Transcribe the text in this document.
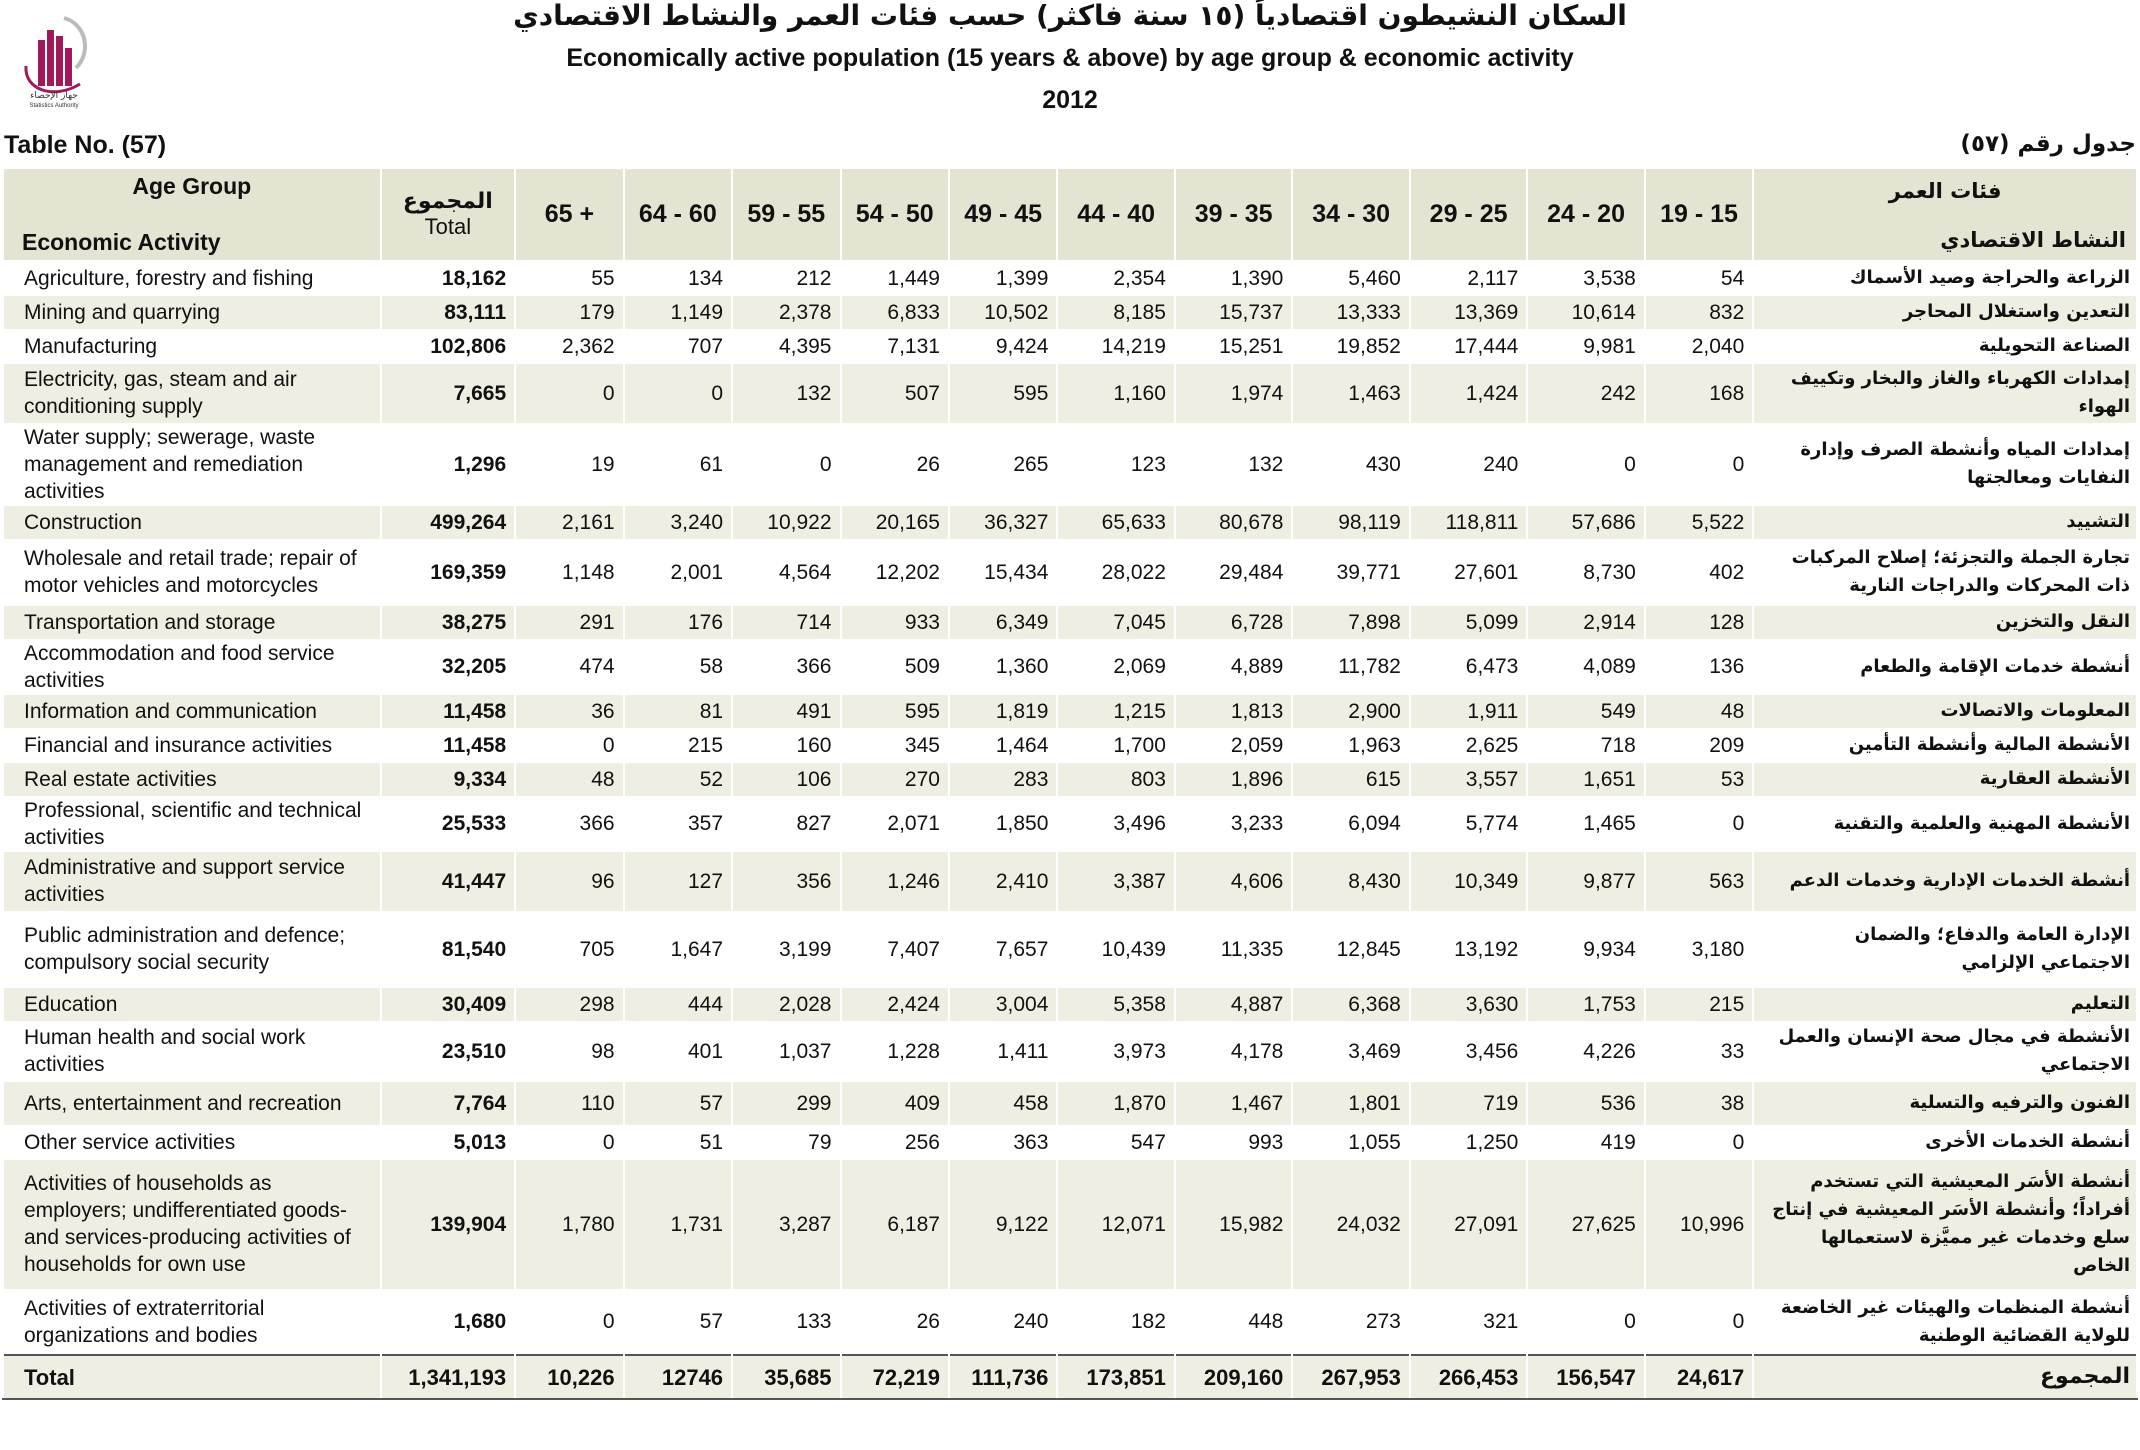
جهاز الإحصاء
Statistics Authority
السكان النشيطون اقتصادياً (١٥ سنة فاكثر) حسب فئات العمر والنشاط الاقتصادي
Economically active population (15 years & above) by age group & economic activity
2012
Table No. (57)	جدول رقم (٥٧)
Age Group
Economic Activity	المجموع
Total	65 +	64 - 60	59 - 55	54 - 50	49 - 45	44 - 40	39 - 35	34 - 30	29 - 25	24 - 20	19 - 15	فئات العمر
النشاط الاقتصادي

Agriculture, forestry and fishing	18,162	55	134	212	1,449	1,399	2,354	1,390	5,460	2,117	3,538	54	الزراعة والحراجة وصيد الأسماك
Mining and quarrying	83,111	179	1,149	2,378	6,833	10,502	8,185	15,737	13,333	13,369	10,614	832	التعدين واستغلال المحاجر
Manufacturing	102,806	2,362	707	4,395	7,131	9,424	14,219	15,251	19,852	17,444	9,981	2,040	الصناعة التحويلية
Electricity, gas, steam and air conditioning supply	7,665	0	0	132	507	595	1,160	1,974	1,463	1,424	242	168	إمدادات الكهرباء والغاز والبخار وتكييف الهواء
Water supply; sewerage, waste management and remediation activities	1,296	19	61	0	26	265	123	132	430	240	0	0	إمدادات المياه وأنشطة الصرف وإدارة النفايات ومعالجتها
Construction	499,264	2,161	3,240	10,922	20,165	36,327	65,633	80,678	98,119	118,811	57,686	5,522	التشييد
Wholesale and retail trade; repair of motor vehicles and motorcycles	169,359	1,148	2,001	4,564	12,202	15,434	28,022	29,484	39,771	27,601	8,730	402	تجارة الجملة والتجزئة؛ إصلاح المركبات ذات المحركات والدراجات النارية
Transportation and storage	38,275	291	176	714	933	6,349	7,045	6,728	7,898	5,099	2,914	128	النقل والتخزين
Accommodation and food service activities	32,205	474	58	366	509	1,360	2,069	4,889	11,782	6,473	4,089	136	أنشطة خدمات الإقامة والطعام
Information and communication	11,458	36	81	491	595	1,819	1,215	1,813	2,900	1,911	549	48	المعلومات والاتصالات
Financial and insurance activities	11,458	0	215	160	345	1,464	1,700	2,059	1,963	2,625	718	209	الأنشطة المالية وأنشطة التأمين
Real estate activities	9,334	48	52	106	270	283	803	1,896	615	3,557	1,651	53	الأنشطة العقارية
Professional, scientific and technical activities	25,533	366	357	827	2,071	1,850	3,496	3,233	6,094	5,774	1,465	0	الأنشطة المهنية والعلمية والتقنية
Administrative and support service activities	41,447	96	127	356	1,246	2,410	3,387	4,606	8,430	10,349	9,877	563	أنشطة الخدمات الإدارية وخدمات الدعم
Public administration and defence; compulsory social security	81,540	705	1,647	3,199	7,407	7,657	10,439	11,335	12,845	13,192	9,934	3,180	الإدارة العامة والدفاع؛ والضمان الاجتماعي الإلزامي
Education	30,409	298	444	2,028	2,424	3,004	5,358	4,887	6,368	3,630	1,753	215	التعليم
Human health and social work activities	23,510	98	401	1,037	1,228	1,411	3,973	4,178	3,469	3,456	4,226	33	الأنشطة في مجال صحة الإنسان والعمل الاجتماعي
Arts, entertainment and recreation	7,764	110	57	299	409	458	1,870	1,467	1,801	719	536	38	الفنون والترفيه والتسلية
Other service activities	5,013	0	51	79	256	363	547	993	1,055	1,250	419	0	أنشطة الخدمات الأخرى
Activities of households as employers; undifferentiated goods-and services-producing activities of households for own use	139,904	1,780	1,731	3,287	6,187	9,122	12,071	15,982	24,032	27,091	27,625	10,996	أنشطة الأسَر المعيشية التي تستخدم أفراداً؛ وأنشطة الأسَر المعيشية في إنتاج سلع وخدمات غير مميَّزة لاستعمالها الخاص
Activities of extraterritorial organizations and bodies	1,680	0	57	133	26	240	182	448	273	321	0	0	أنشطة المنظمات والهيئات غير الخاضعة للولاية القضائية الوطنية
Total	1,341,193	10,226	12746	35,685	72,219	111,736	173,851	209,160	267,953	266,453	156,547	24,617	المجموع
